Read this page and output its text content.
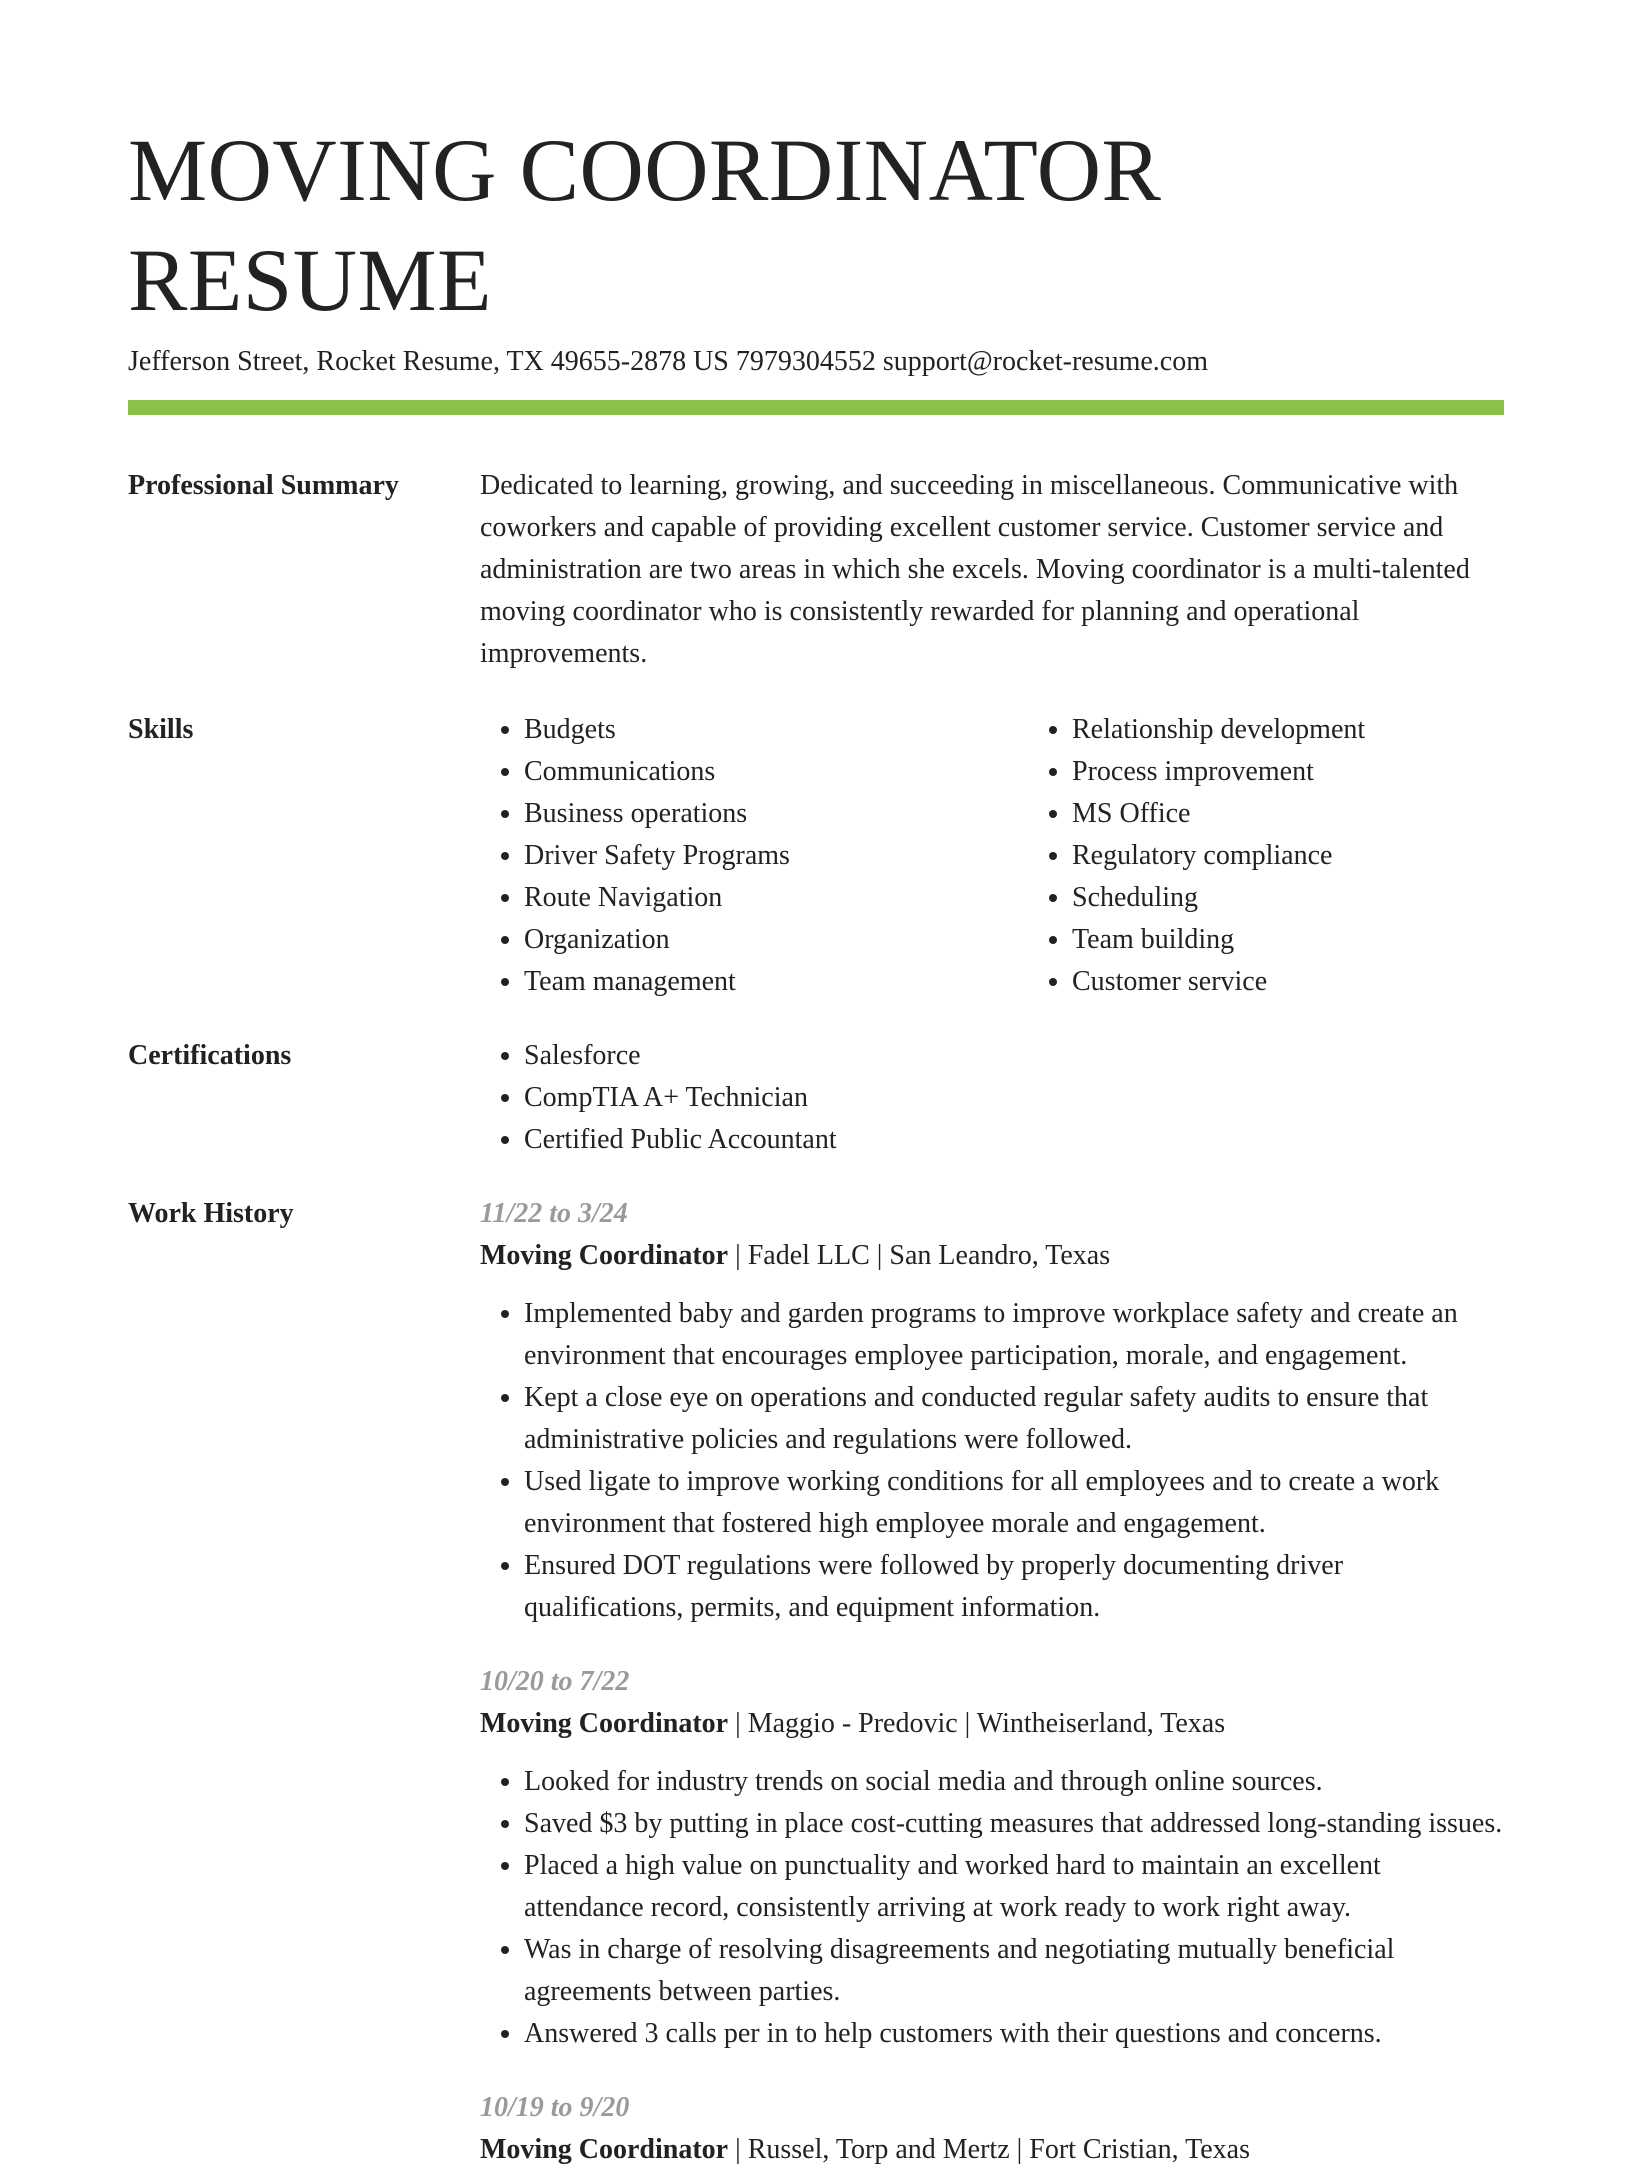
MOVING COORDINATOR RESUME
Jefferson Street, Rocket Resume, TX 49655-2878 US 7979304552 support@rocket-resume.com
Professional Summary	Dedicated to learning, growing, and succeeding in miscellaneous. Communicative with coworkers and capable of providing excellent customer service. Customer service and administration are two areas in which she excels. Moving coordinator is a multi-talented moving coordinator who is consistently rewarded for planning and operational improvements.
Skills	• Budgets
• Communications
• Business operations
• Driver Safety Programs
• Route Navigation
• Organization
• Team management
• Relationship development
• Process improvement
• MS Office
• Regulatory compliance
• Scheduling
• Team building
• Customer service
Certifications	• Salesforce
• CompTIA A+ Technician
• Certified Public Accountant
Work History	11/22 to 3/24
Moving Coordinator | Fadel LLC | San Leandro, Texas
• Implemented baby and garden programs to improve workplace safety and create an environment that encourages employee participation, morale, and engagement.
• Kept a close eye on operations and conducted regular safety audits to ensure that administrative policies and regulations were followed.
• Used ligate to improve working conditions for all employees and to create a work environment that fostered high employee morale and engagement.
• Ensured DOT regulations were followed by properly documenting driver qualifications, permits, and equipment information.
10/20 to 7/22
Moving Coordinator | Maggio - Predovic | Wintheiserland, Texas
• Looked for industry trends on social media and through online sources.
• Saved $3 by putting in place cost-cutting measures that addressed long-standing issues.
• Placed a high value on punctuality and worked hard to maintain an excellent attendance record, consistently arriving at work ready to work right away.
• Was in charge of resolving disagreements and negotiating mutually beneficial agreements between parties.
• Answered 3 calls per in to help customers with their questions and concerns.
10/19 to 9/20
Moving Coordinator | Russel, Torp and Mertz | Fort Cristian, Texas
